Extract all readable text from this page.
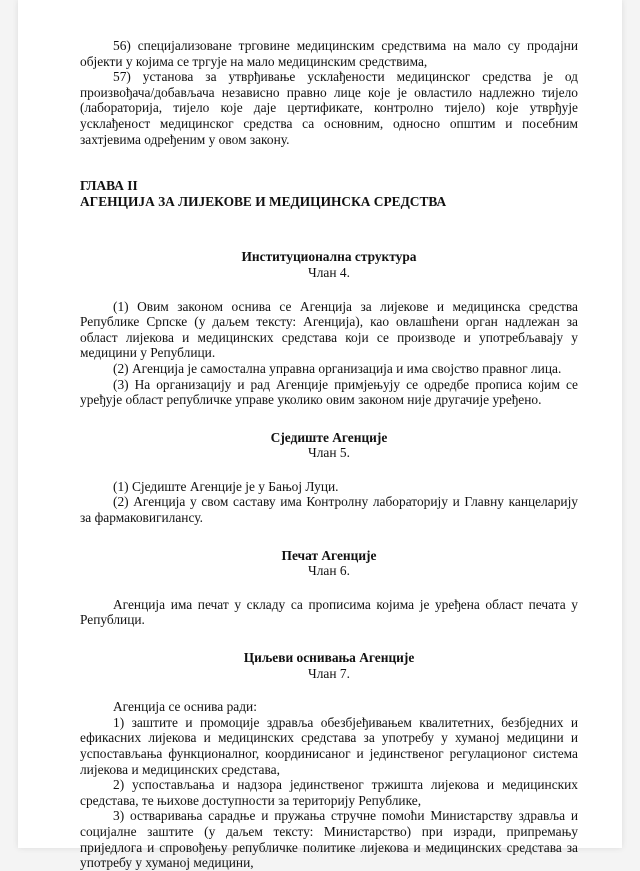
56) специјализоване трговине медицинским средствима на мало су продајни објекти у којима се тргује на мало медицинским средствима,

57) установа за утврђивање усклађености медицинског средства је од произвођача/добављача независно правно лице које је овластило надлежно тијело (лабораторија, тијело које даје цертификате, контролно тијело) које утврђује усклађеност медицинског средства са основним, односно општим и посебним захтјевима одређеним у овом закону.

ГЛАВА II

АГЕНЦИЈА ЗА ЛИЈЕКОВЕ И МЕДИЦИНСКА СРЕДСТВА

Институционална структура

Члан 4.

(1) Овим законом оснива се Агенција за лијекове и медицинска средства Републике Српске (у даљем тексту: Агенција), као овлашћени орган надлежан за област лијекова и медицинских средстава који се производе и употребљавају у медицини у Републици.

(2) Агенција је самостална управна организација и има својство правног лица.

(3) На организацију и рад Агенције примјењују се одредбе прописа којим се уређује област републичке управе уколико овим законом није другачије уређено.

Сједиште Агенције

Члан 5.

(1) Сједиште Агенције је у Бањој Луци.

(2) Агенција у свом саставу има Контролну лабораторију и Главну канцеларију за фармаковигилансу.

Печат Агенције

Члан 6.

Агенција има печат у складу са прописима којима је уређена област печата у Републици.

Циљеви оснивања Агенције

Члан 7.

Агенција се оснива ради:

1) заштите и промоције здравља обезбјеђивањем квалитетних, безбједних и ефикасних лијекова и медицинских средстава за употребу у хуманој медицини и успостављања функционалног, координисаног и јединственог регулационог система лијекова и медицинских средстава,

2) успостављања и надзора јединственог тржишта лијекова и медицинских средстава, те њихове доступности за територију Републике,

3) остваривања сарадње и пружања стручне помоћи Министарству здравља и социјалне заштите (у даљем тексту: Министарство) при изради, припремању приједлога и спровођењу републичке политике лијекова и медицинских средстава за употребу у хуманој медицини,
